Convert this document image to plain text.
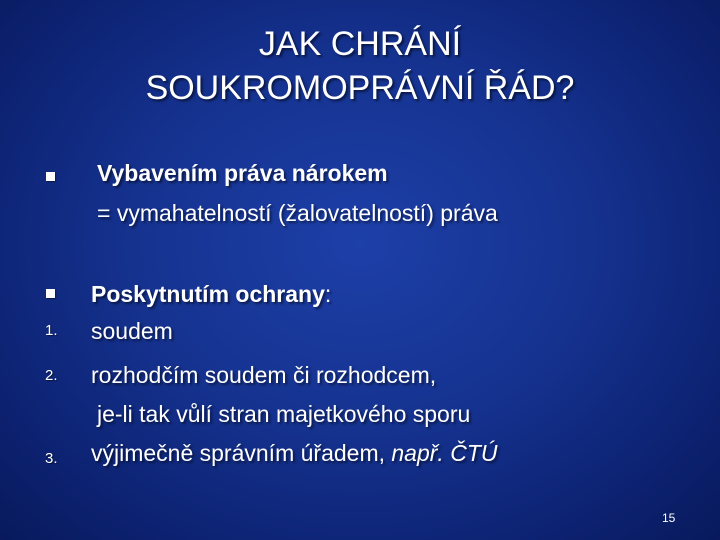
JAK CHRÁNÍ
SOUKROMOPRÁVNÍ ŘÁD?
Vybavením práva nárokem
= vymahatelností (žalovatelností) práva
Poskytnutím ochrany:
1. soudem
2. rozhodčím soudem či rozhodcem,
je-li tak vůlí stran majetkového sporu
3. výjimečně správním úřadem, např. ČTÚ
15
